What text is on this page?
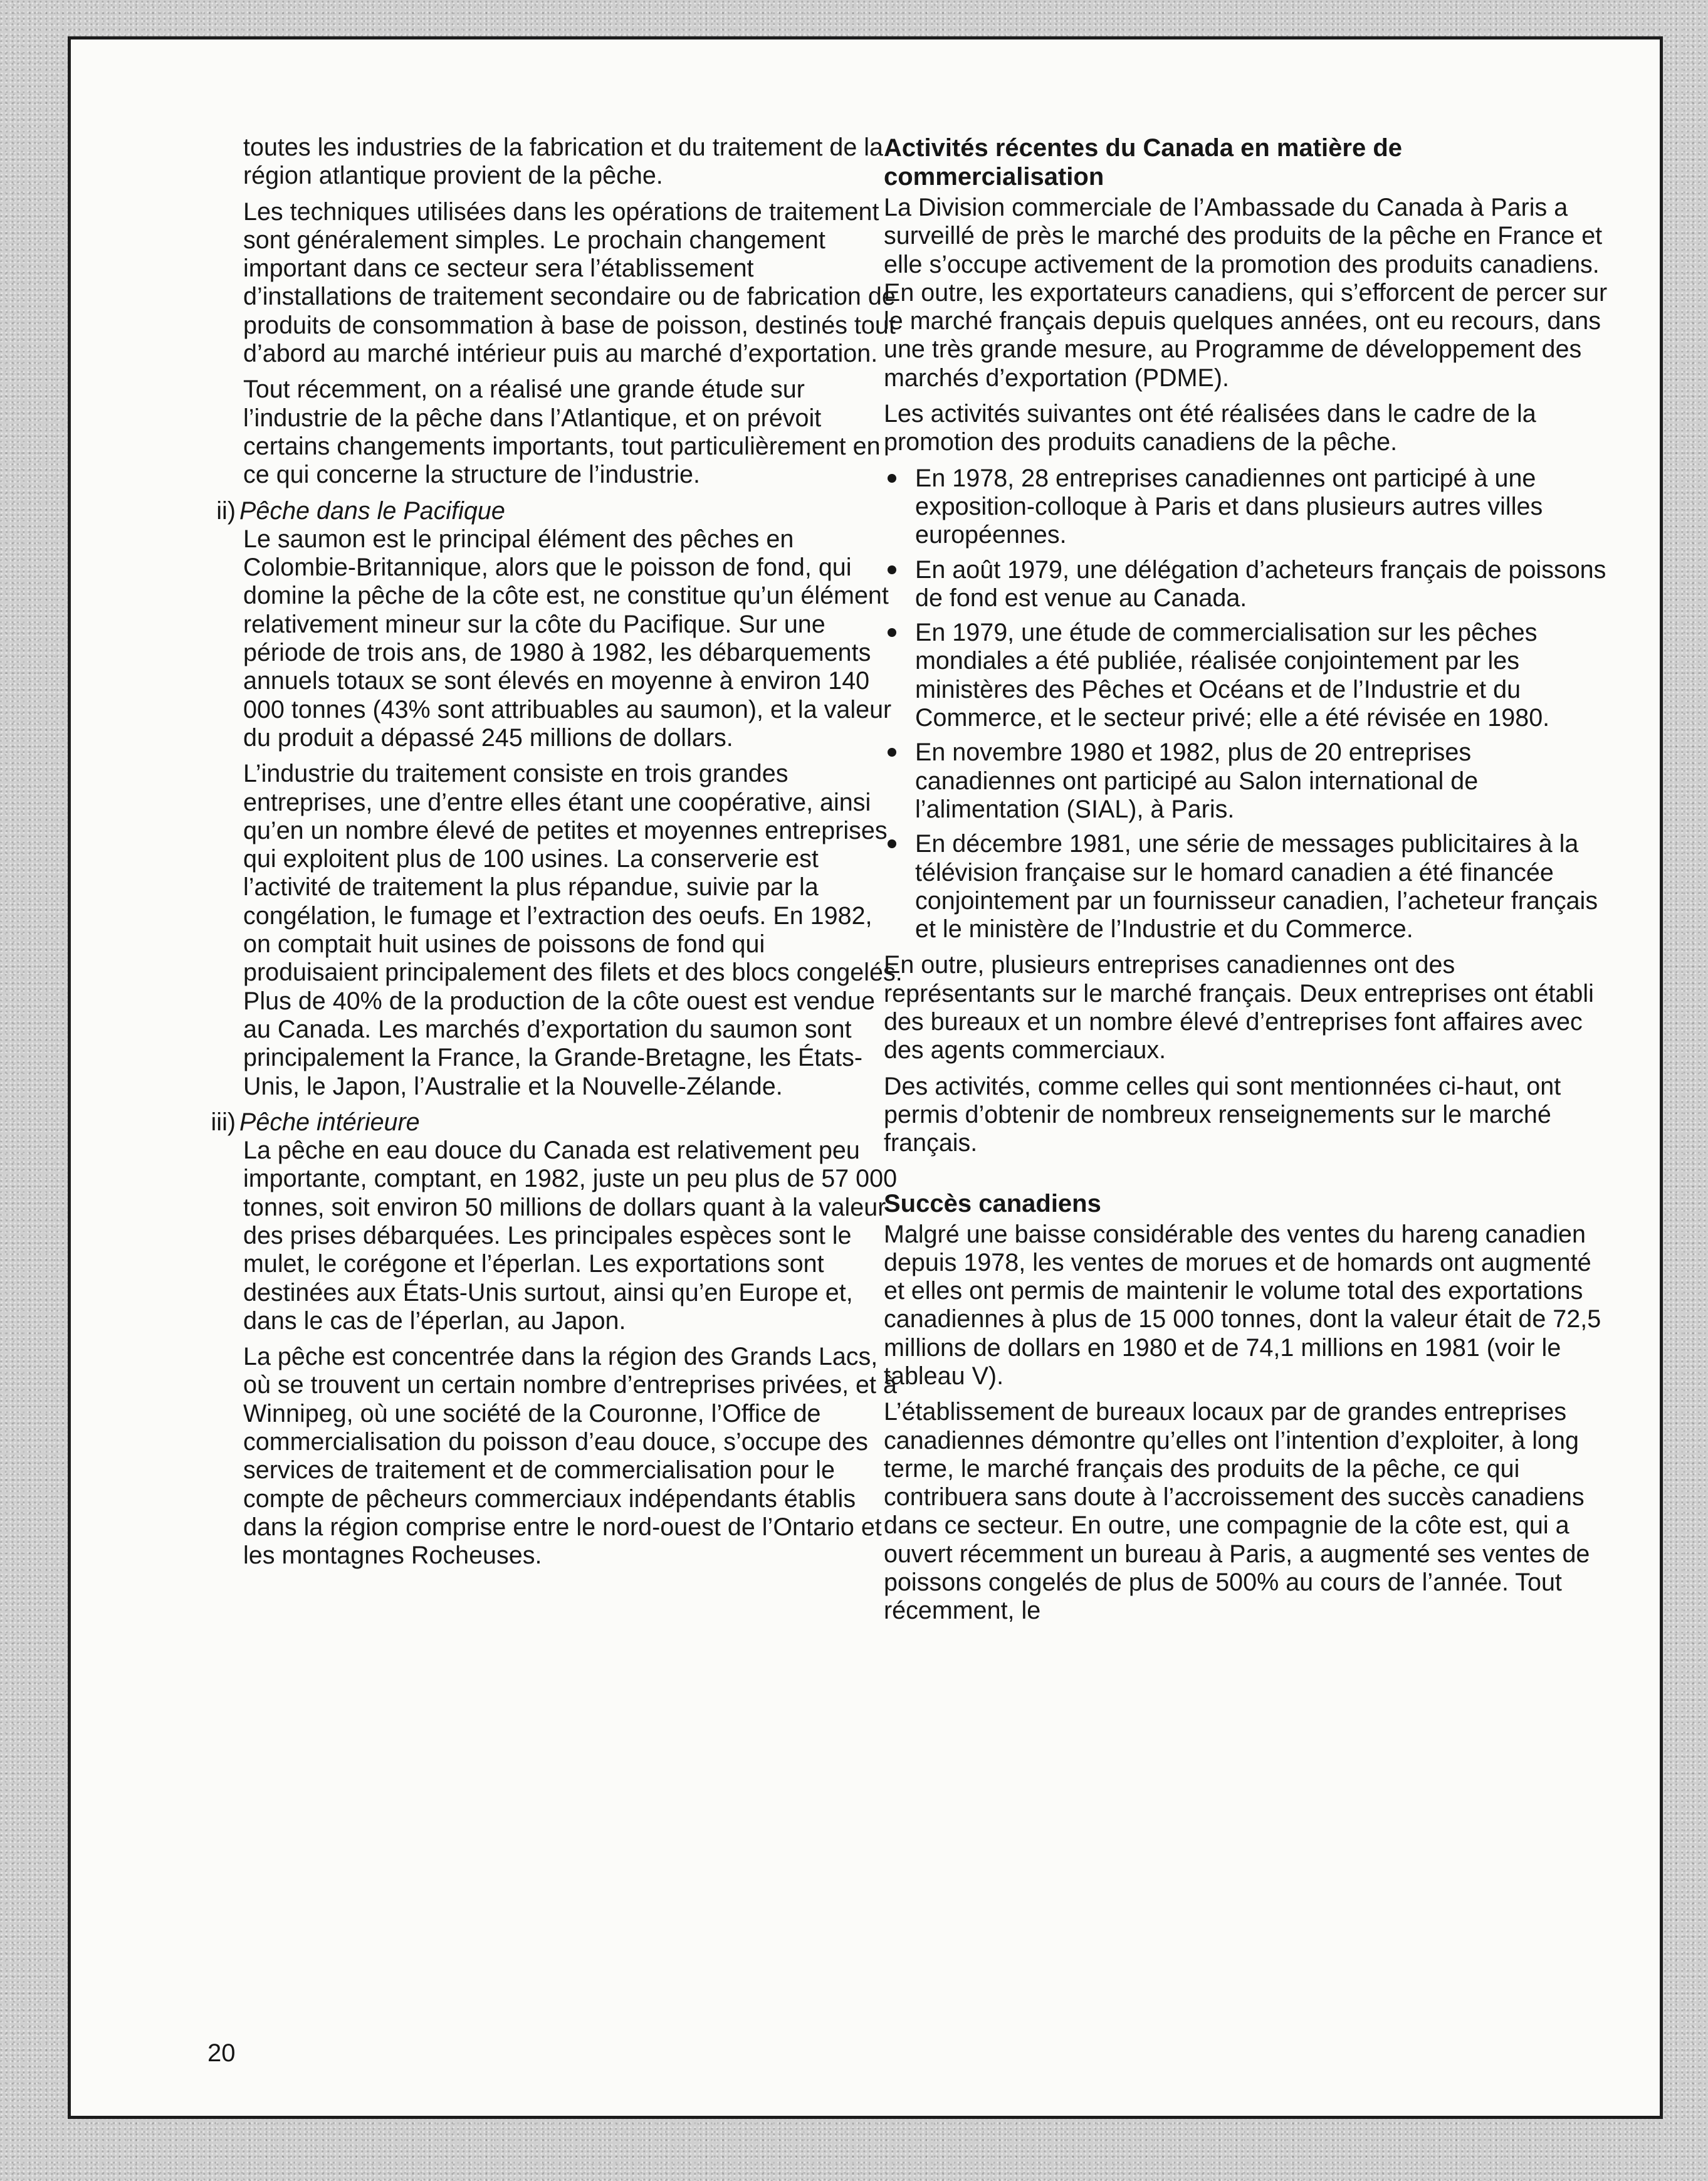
toutes les industries de la fabrication et du traitement de la région atlantique provient de la pêche.

Les techniques utilisées dans les opérations de traitement sont généralement simples. Le prochain changement important dans ce secteur sera l’établissement d’installations de traitement secondaire ou de fabrication de produits de consommation à base de poisson, destinés tout d’abord au marché intérieur puis au marché d’exportation.

Tout récemment, on a réalisé une grande étude sur l’industrie de la pêche dans l’Atlantique, et on prévoit certains changements importants, tout particulièrement en ce qui concerne la structure de l’industrie.

ii) Pêche dans le Pacifique

Le saumon est le principal élément des pêches en Colombie-Britannique, alors que le poisson de fond, qui domine la pêche de la côte est, ne constitue qu’un élément relativement mineur sur la côte du Pacifique. Sur une période de trois ans, de 1980 à 1982, les débarquements annuels totaux se sont élevés en moyenne à environ 140 000 tonnes (43% sont attribuables au saumon), et la valeur du produit a dépassé 245 millions de dollars.

L’industrie du traitement consiste en trois grandes entreprises, une d’entre elles étant une coopérative, ainsi qu’en un nombre élevé de petites et moyennes entreprises qui exploitent plus de 100 usines. La conserverie est l’activité de traitement la plus répandue, suivie par la congélation, le fumage et l’extraction des oeufs. En 1982, on comptait huit usines de poissons de fond qui produisaient principalement des filets et des blocs congelés. Plus de 40% de la production de la côte ouest est vendue au Canada. Les marchés d’exportation du saumon sont principalement la France, la Grande-Bretagne, les États-Unis, le Japon, l’Australie et la Nouvelle-Zélande.

iii) Pêche intérieure

La pêche en eau douce du Canada est relativement peu importante, comptant, en 1982, juste un peu plus de 57 000 tonnes, soit environ 50 millions de dollars quant à la valeur des prises débarquées. Les principales espèces sont le mulet, le corégone et l’éperlan. Les exportations sont destinées aux États-Unis surtout, ainsi qu’en Europe et, dans le cas de l’éperlan, au Japon.

La pêche est concentrée dans la région des Grands Lacs, où se trouvent un certain nombre d’entreprises privées, et à Winnipeg, où une société de la Couronne, l’Office de commercialisation du poisson d’eau douce, s’occupe des services de traitement et de commercialisation pour le compte de pêcheurs commerciaux indépendants établis dans la région comprise entre le nord-ouest de l’Ontario et les montagnes Rocheuses.

Activités récentes du Canada en matière de commercialisation

La Division commerciale de l’Ambassade du Canada à Paris a surveillé de près le marché des produits de la pêche en France et elle s’occupe activement de la promotion des produits canadiens. En outre, les exportateurs canadiens, qui s’efforcent de percer sur le marché français depuis quelques années, ont eu recours, dans une très grande mesure, au Programme de développement des marchés d’exportation (PDME).

Les activités suivantes ont été réalisées dans le cadre de la promotion des produits canadiens de la pêche.

En 1978, 28 entreprises canadiennes ont participé à une exposition-colloque à Paris et dans plusieurs autres villes européennes.
En août 1979, une délégation d’acheteurs français de poissons de fond est venue au Canada.
En 1979, une étude de commercialisation sur les pêches mondiales a été publiée, réalisée conjointement par les ministères des Pêches et Océans et de l’Industrie et du Commerce, et le secteur privé; elle a été révisée en 1980.
En novembre 1980 et 1982, plus de 20 entreprises canadiennes ont participé au Salon international de l’alimentation (SIAL), à Paris.
En décembre 1981, une série de messages publicitaires à la télévision française sur le homard canadien a été financée conjointement par un fournisseur canadien, l’acheteur français et le ministère de l’Industrie et du Commerce.

En outre, plusieurs entreprises canadiennes ont des représentants sur le marché français. Deux entreprises ont établi des bureaux et un nombre élevé d’entreprises font affaires avec des agents commerciaux.

Des activités, comme celles qui sont mentionnées ci-haut, ont permis d’obtenir de nombreux renseignements sur le marché français.

Succès canadiens

Malgré une baisse considérable des ventes du hareng canadien depuis 1978, les ventes de morues et de homards ont augmenté et elles ont permis de maintenir le volume total des exportations canadiennes à plus de 15 000 tonnes, dont la valeur était de 72,5 millions de dollars en 1980 et de 74,1 millions en 1981 (voir le tableau V).

L’établissement de bureaux locaux par de grandes entreprises canadiennes démontre qu’elles ont l’intention d’exploiter, à long terme, le marché français des produits de la pêche, ce qui contribuera sans doute à l’accroissement des succès canadiens dans ce secteur. En outre, une compagnie de la côte est, qui a ouvert récemment un bureau à Paris, a augmenté ses ventes de poissons congelés de plus de 500% au cours de l’année. Tout récemment, le

20
